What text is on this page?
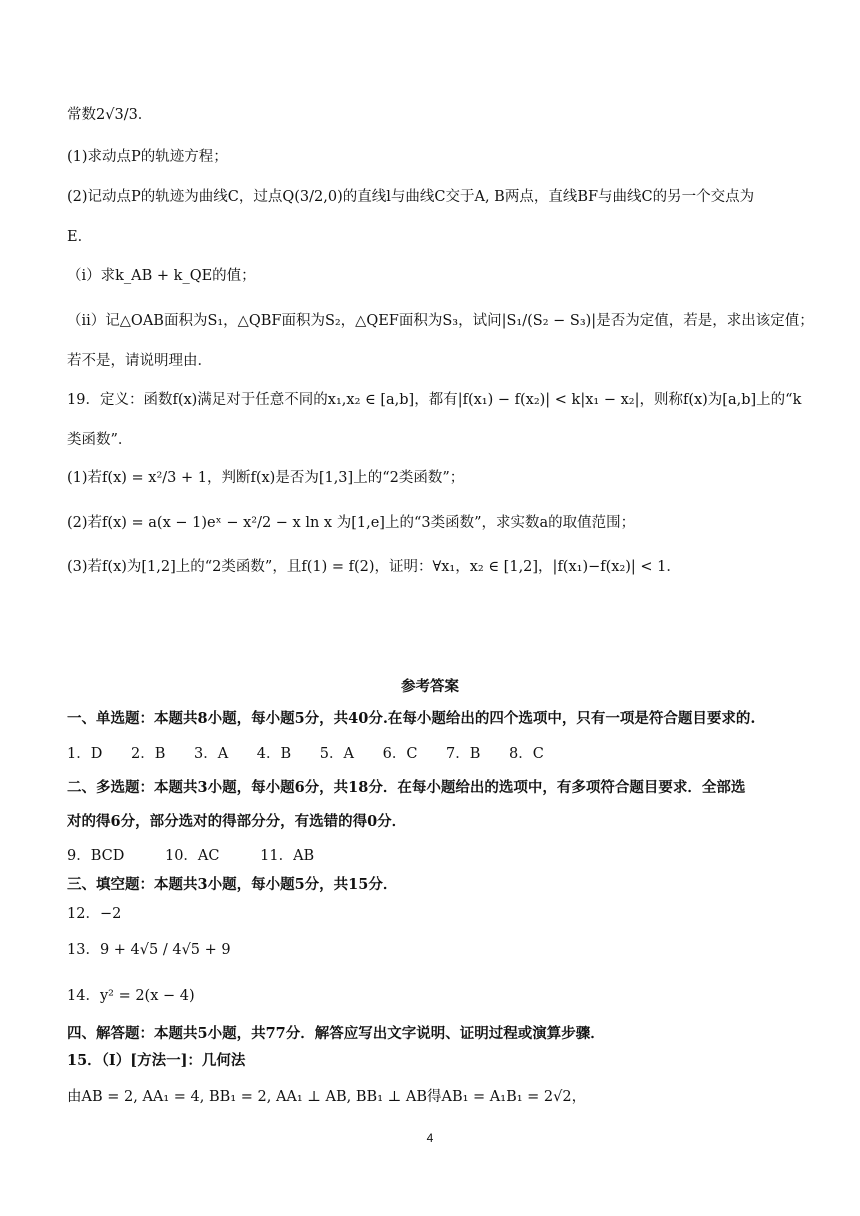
常数2√3/3．
(1)求动点P的轨迹方程；
(2)记动点P的轨迹为曲线C，过点Q(3/2,0)的直线l与曲线C交于A, B两点，直线BF与曲线C的另一个交点为
E．
（i）求k_AB + k_QE的值；
（ii）记△OAB面积为S₁，△QBF面积为S₂，△QEF面积为S₃，试问|S₁/(S₂ − S₃)|是否为定值，若是，求出该定值；
若不是，请说明理由．
19．定义：函数f(x)满足对于任意不同的x₁,x₂ ∈ [a,b]，都有|f(x₁) − f(x₂)| < k|x₁ − x₂|，则称f(x)为[a,b]上的“k
类函数”．
(1)若f(x) = x²/3 + 1，判断f(x)是否为[1,3]上的“2类函数”；
(2)若f(x) = a(x − 1)eˣ − x²/2 − x ln x 为[1,e]上的“3类函数”，求实数a的取值范围；
(3)若f(x)为[1,2]上的“2类函数”，且f(1) = f(2)，证明：∀x₁，x₂ ∈ [1,2]，|f(x₁)−f(x₂)| < 1．
参考答案
一、单选题：本题共8小题，每小题5分，共40分.在每小题给出的四个选项中，只有一项是符合题目要求的.
1．D 2．B 3．A 4．B 5．A 6．C 7．B 8．C
二、多选题：本题共3小题，每小题6分，共18分．在每小题给出的选项中，有多项符合题目要求．全部选
对的得6分，部分选对的得部分分，有选错的得0分．
9．BCD	10．AC	11．AB
三、填空题：本题共3小题，每小题5分，共15分．
12．−2
13．9 + 4√5 / 4√5 + 9
14．y² = 2(x − 4)
四、解答题：本题共5小题，共77分．解答应写出文字说明、证明过程或演算步骤．
15．（Ⅰ）[方法一]：几何法
由AB = 2, AA₁ = 4, BB₁ = 2, AA₁ ⊥ AB, BB₁ ⊥ AB得AB₁ = A₁B₁ = 2√2，
4
